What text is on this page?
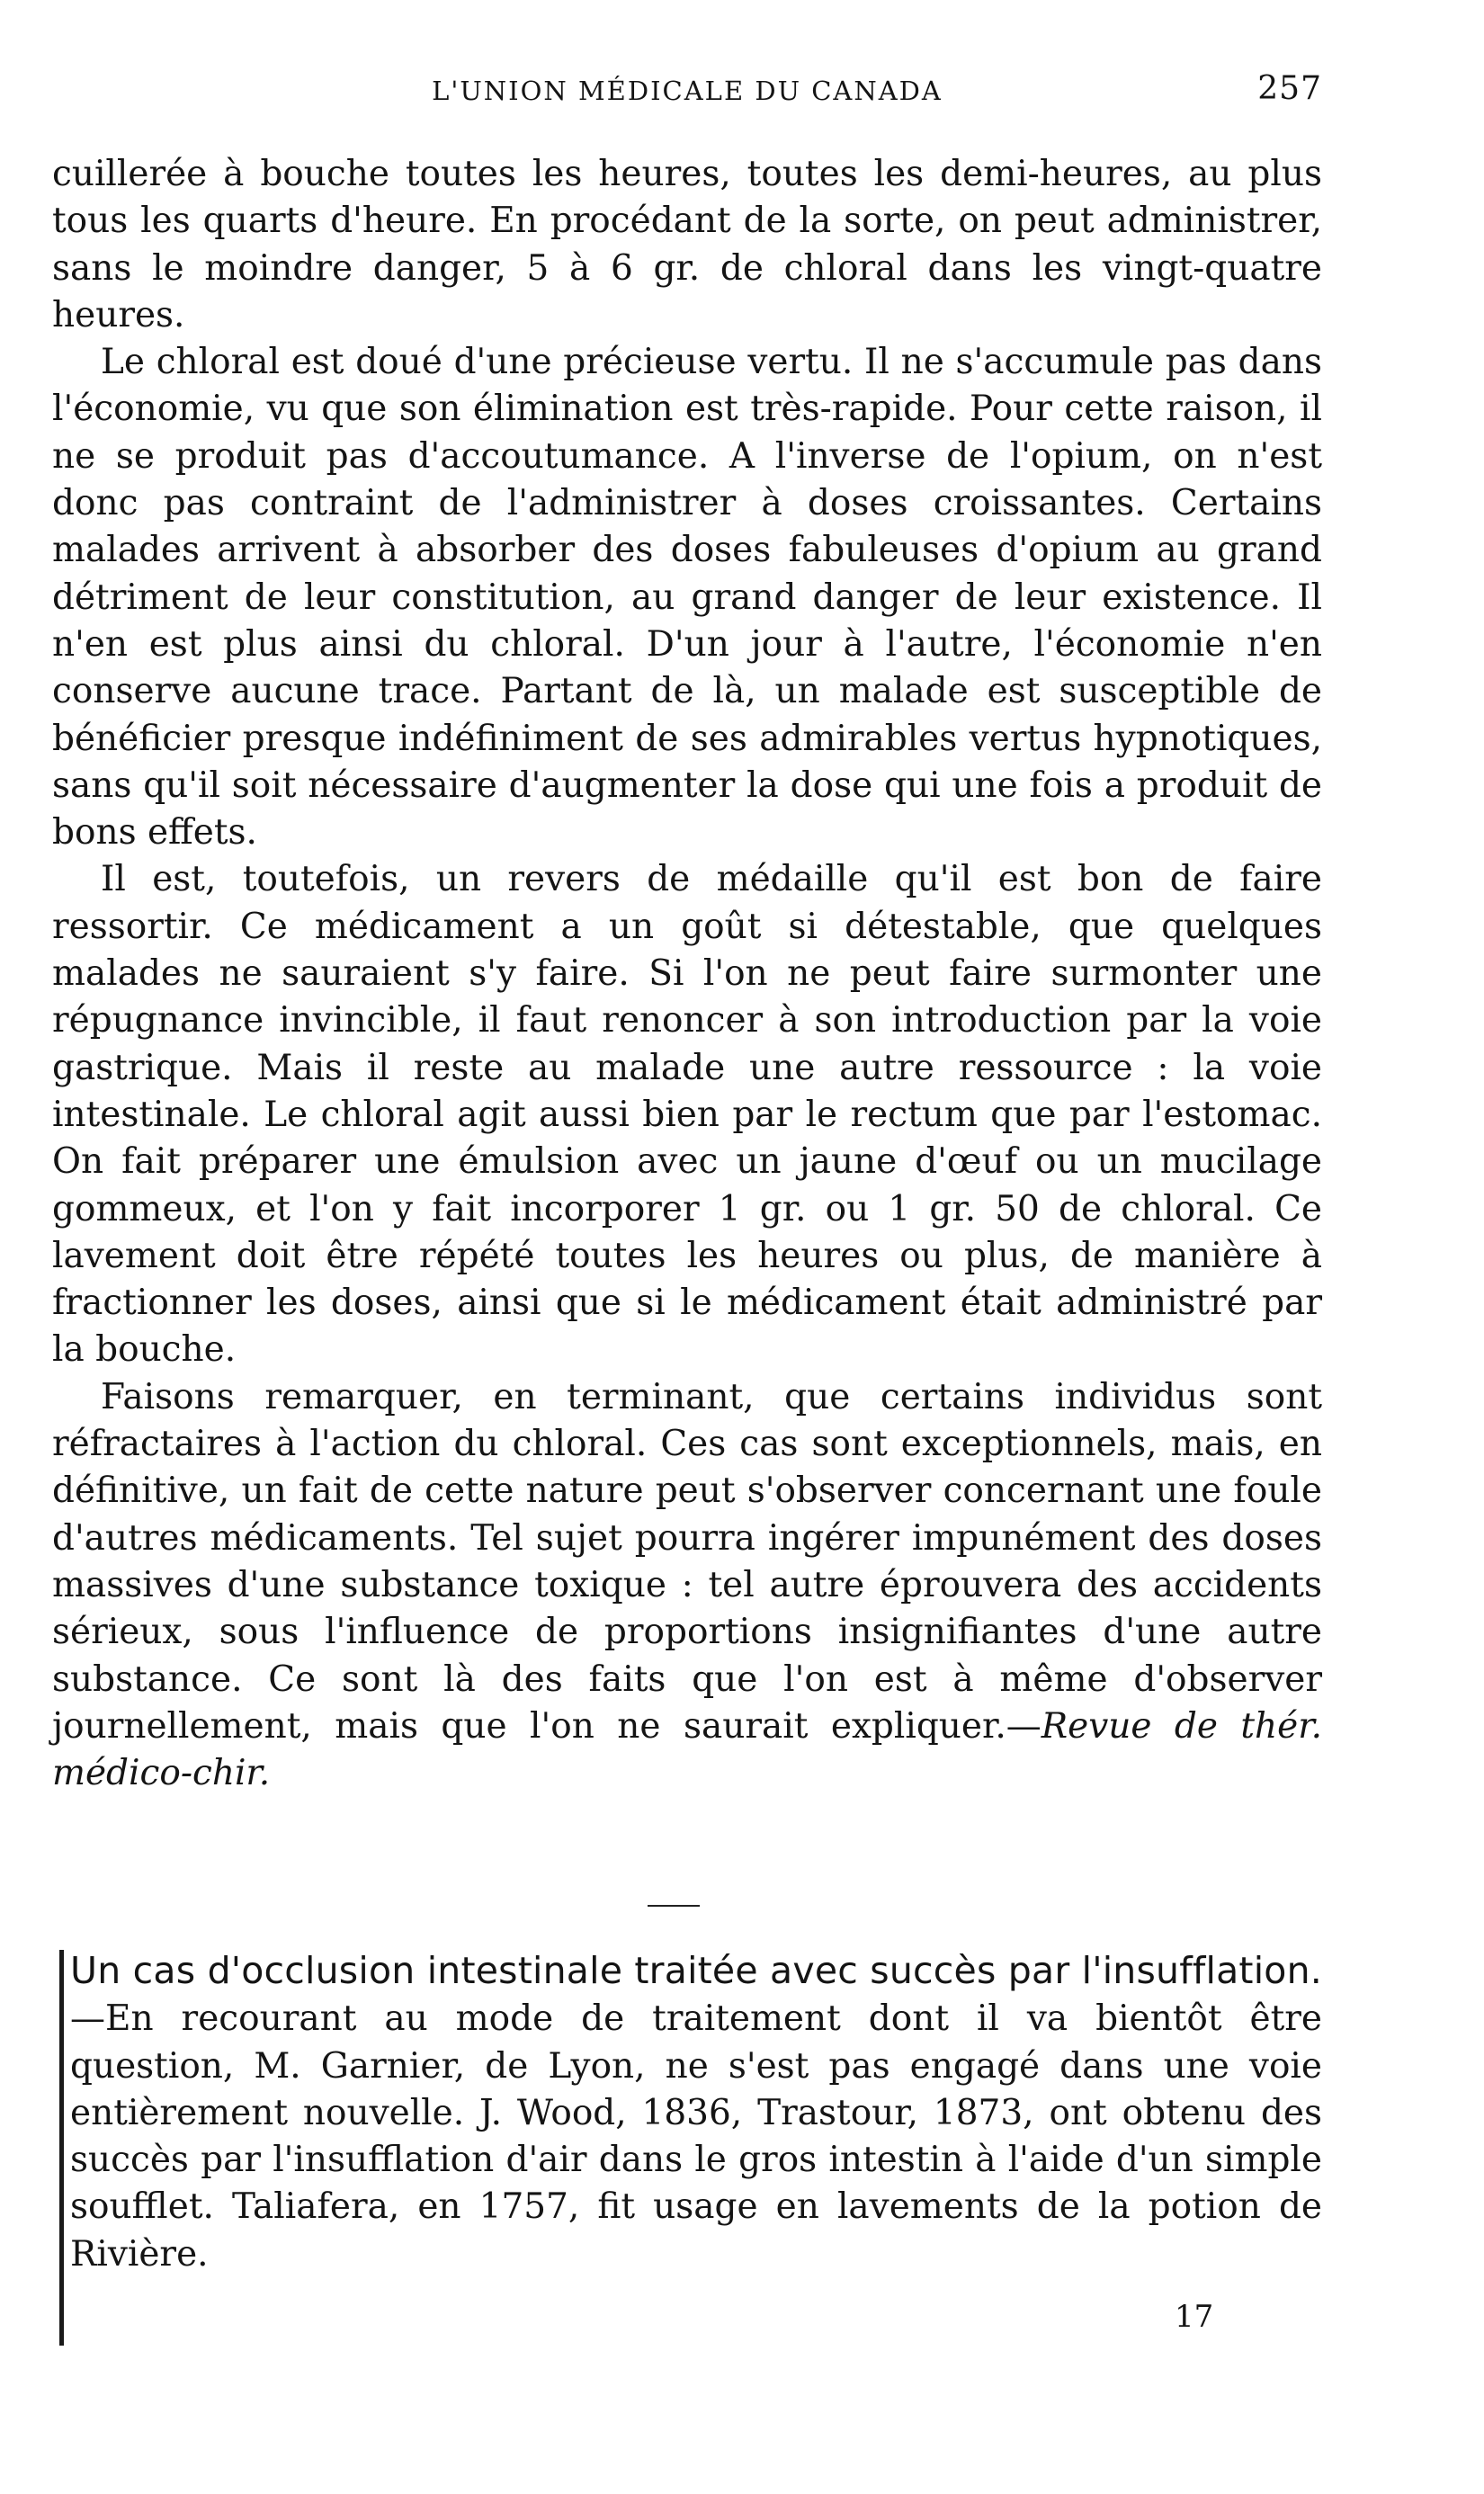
L'UNION MÉDICALE DU CANADA	257

cuillerée à bouche toutes les heures, toutes les demi-heures, au plus tous les quarts d'heure. En procédant de la sorte, on peut administrer, sans le moindre danger, 5 à 6 gr. de chloral dans les vingt-quatre heures.

Le chloral est doué d'une précieuse vertu. Il ne s'accumule pas dans l'économie, vu que son élimination est très-rapide. Pour cette raison, il ne se produit pas d'accoutumance. A l'inverse de l'opium, on n'est donc pas contraint de l'administrer à doses croissantes. Certains malades arrivent à absorber des doses fabuleuses d'opium au grand détriment de leur constitution, au grand danger de leur existence. Il n'en est plus ainsi du chloral. D'un jour à l'autre, l'économie n'en conserve aucune trace. Partant de là, un malade est susceptible de bénéficier presque indéfiniment de ses admirables vertus hypnotiques, sans qu'il soit nécessaire d'augmenter la dose qui une fois a produit de bons effets.

Il est, toutefois, un revers de médaille qu'il est bon de faire ressortir. Ce médicament a un goût si détestable, que quelques malades ne sauraient s'y faire. Si l'on ne peut faire surmonter une répugnance invincible, il faut renoncer à son introduction par la voie gastrique. Mais il reste au malade une autre ressource : la voie intestinale. Le chloral agit aussi bien par le rectum que par l'estomac. On fait préparer une émulsion avec un jaune d'œuf ou un mucilage gommeux, et l'on y fait incorporer 1 gr. ou 1 gr. 50 de chloral. Ce lavement doit être répété toutes les heures ou plus, de manière à fractionner les doses, ainsi que si le médicament était administré par la bouche.

Faisons remarquer, en terminant, que certains individus sont réfractaires à l'action du chloral. Ces cas sont exceptionnels, mais, en définitive, un fait de cette nature peut s'observer concernant une foule d'autres médicaments. Tel sujet pourra ingérer impunément des doses massives d'une substance toxique : tel autre éprouvera des accidents sérieux, sous l'influence de proportions insignifiantes d'une autre substance. Ce sont là des faits que l'on est à même d'observer journellement, mais que l'on ne saurait expliquer.—Revue de thér. médico-chir.

Un cas d'occlusion intestinale traitée avec succès par l'insufflation.—En recourant au mode de traitement dont il va bientôt être question, M. Garnier, de Lyon, ne s'est pas engagé dans une voie entièrement nouvelle. J. Wood, 1836, Trastour, 1873, ont obtenu des succès par l'insufflation d'air dans le gros intestin à l'aide d'un simple soufflet. Taliafera, en 1757, fit usage en lavements de la potion de Rivière.
17
